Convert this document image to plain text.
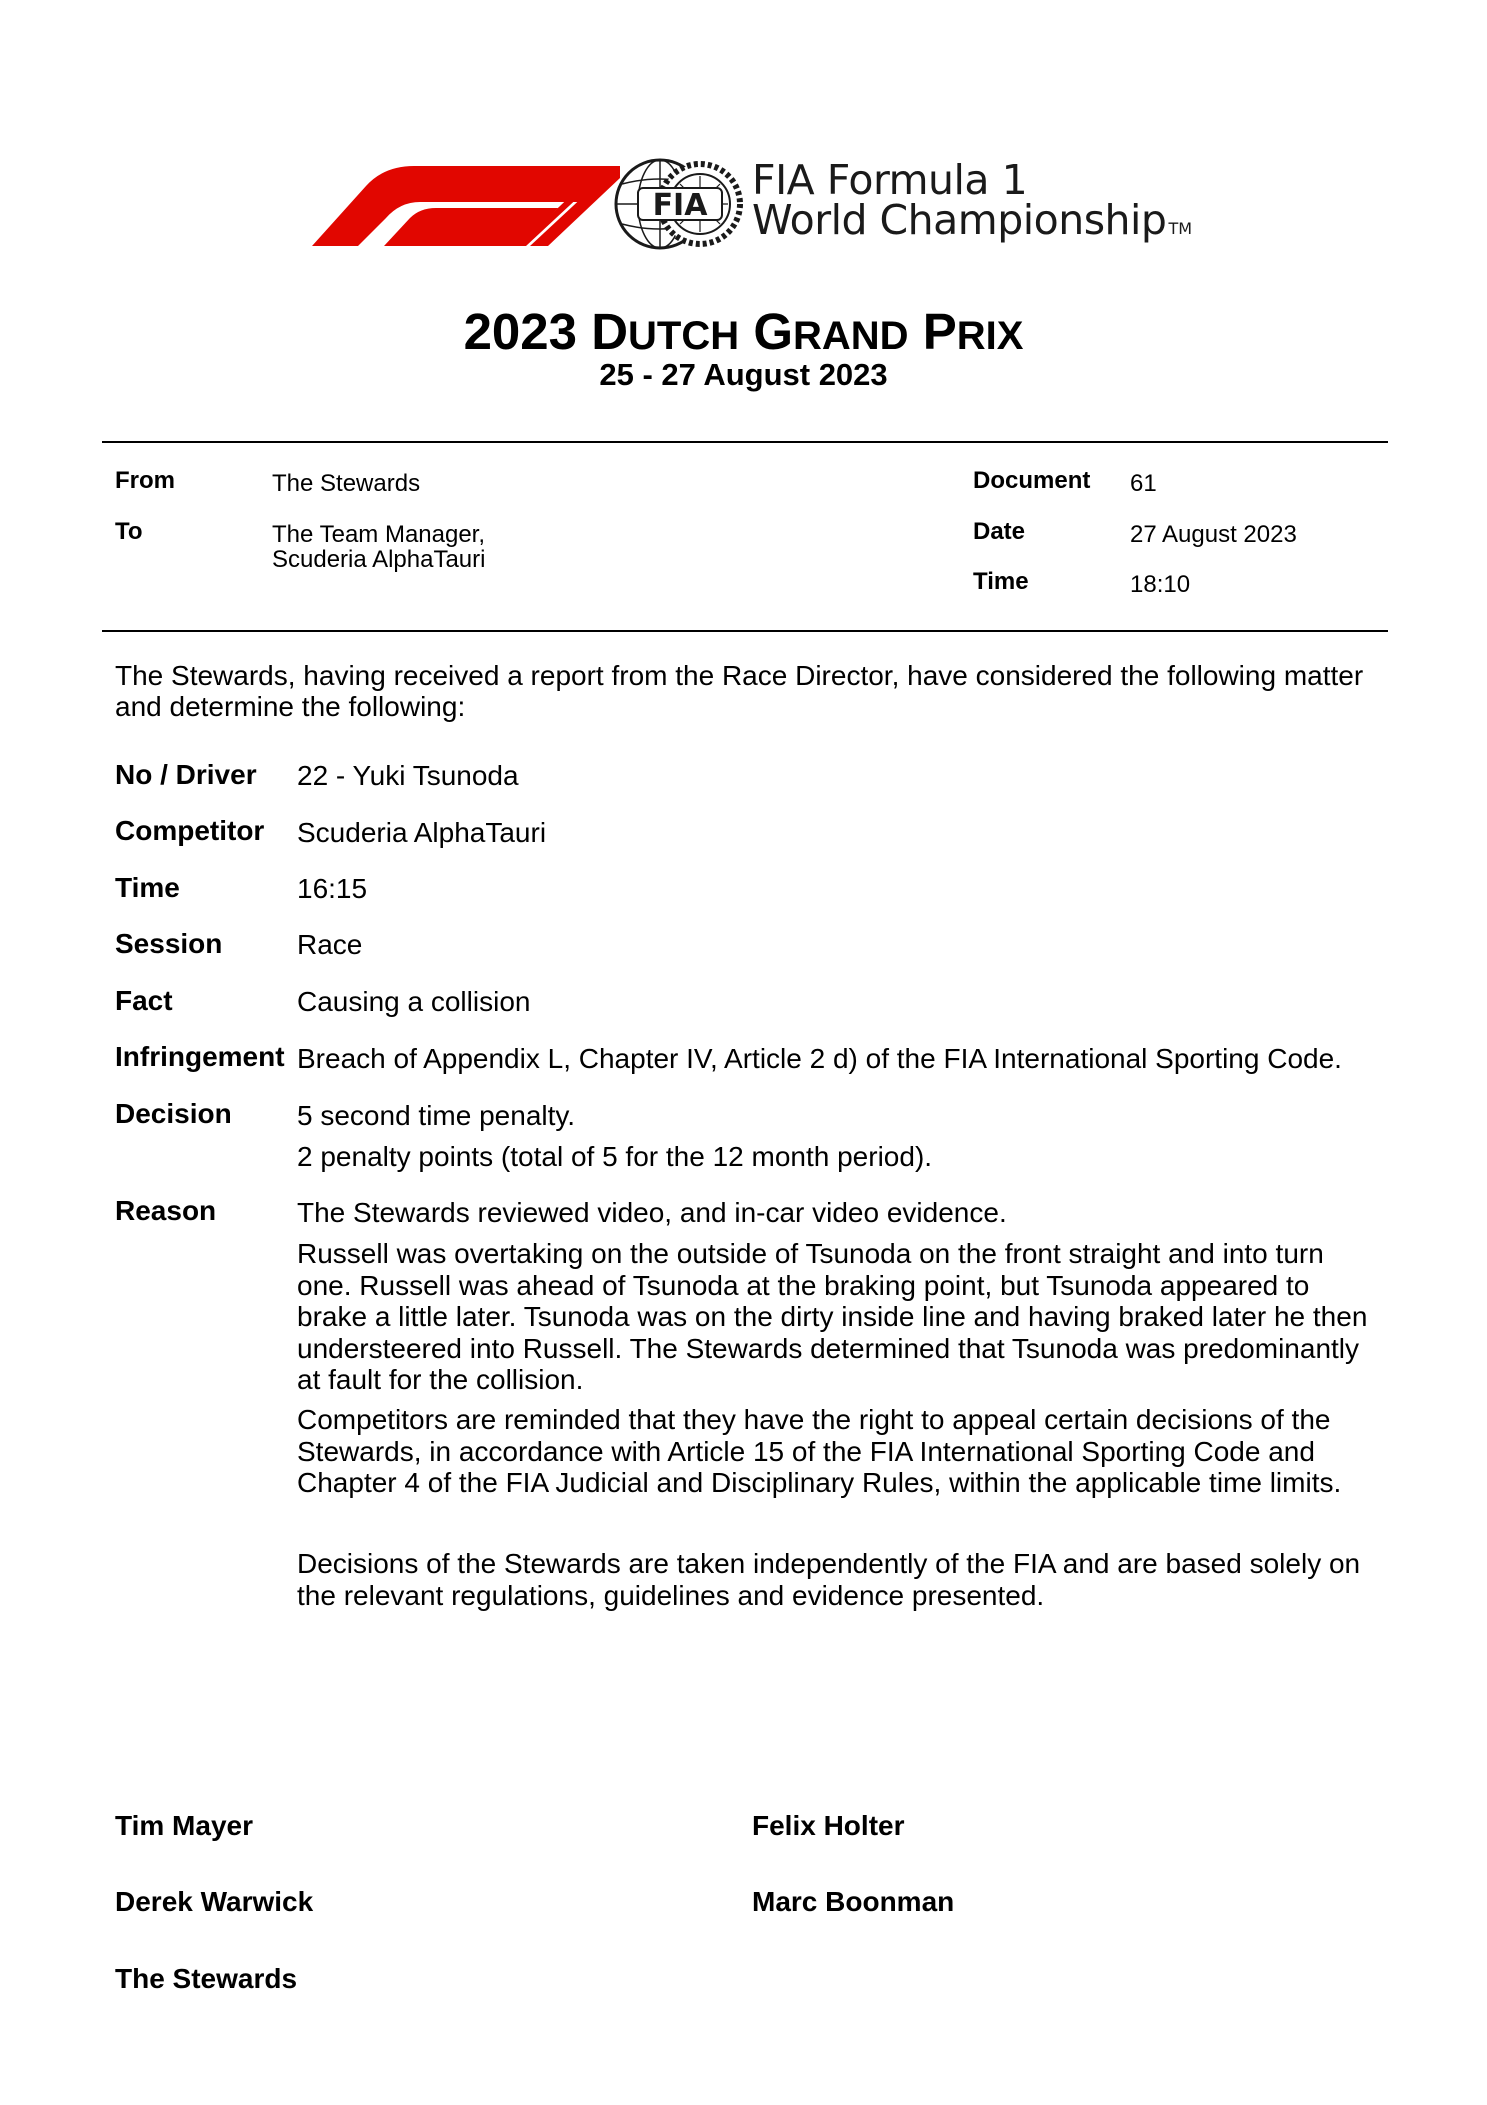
FIA
FIA Formula 1
World Championship TM
2023 DUTCH GRAND PRIX
25 - 27 August 2023
From	The Stewards
To	The Team Manager,
Scuderia AlphaTauri
Document 61
Date	27 August 2023
Time	18:10
The Stewards, having received a report from the Race Director, have considered the following matter and determine the following:
No / Driver 22 - Yuki Tsunoda
Competitor Scuderia AlphaTauri
Time	16:15
Session	Race
Fact	Causing a collision
Infringement Breach of Appendix L, Chapter IV, Article 2 d) of the FIA International Sporting Code.
Decision 5 second time penalty.
2 penalty points (total of 5 for the 12 month period).
Reason	The Stewards reviewed video, and in-car video evidence.
Russell was overtaking on the outside of Tsunoda on the front straight and into turn one. Russell was ahead of Tsunoda at the braking point, but Tsunoda appeared to brake a little later. Tsunoda was on the dirty inside line and having braked later he then understeered into Russell. The Stewards determined that Tsunoda was predominantly at fault for the collision.
Competitors are reminded that they have the right to appeal certain decisions of the Stewards, in accordance with Article 15 of the FIA International Sporting Code and Chapter 4 of the FIA Judicial and Disciplinary Rules, within the applicable time limits.
Decisions of the Stewards are taken independently of the FIA and are based solely on the relevant regulations, guidelines and evidence presented.
Tim Mayer	Felix Holter
Derek Warwick	Marc Boonman
The Stewards
